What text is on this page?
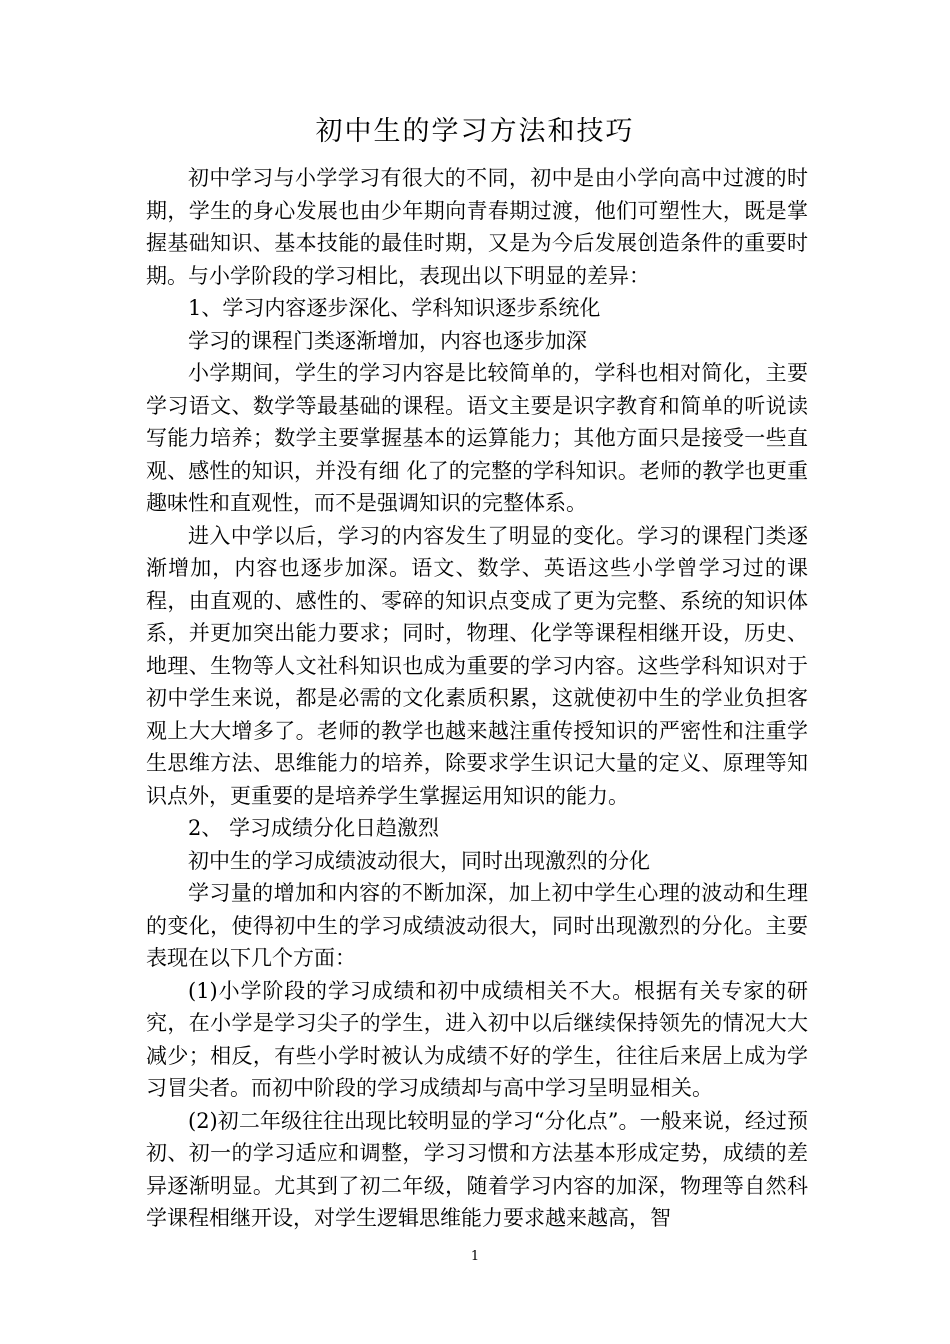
初中生的学习方法和技巧

初中学习与小学学习有很大的不同，初中是由小学向高中过渡的时期，学生的身心发展也由少年期向青春期过渡，他们可塑性大，既是掌握基础知识、基本技能的最佳时期，又是为今后发展创造条件的重要时期。与小学阶段的学习相比，表现出以下明显的差异：

1、学习内容逐步深化、学科知识逐步系统化

学习的课程门类逐渐增加，内容也逐步加深

小学期间，学生的学习内容是比较简单的，学科也相对简化，主要学习语文、数学等最基础的课程。语文主要是识字教育和简单的听说读写能力培养；数学主要掌握基本的运算能力；其他方面只是接受一些直观、感性的知识，并没有细 化了的完整的学科知识。老师的教学也更重趣味性和直观性，而不是强调知识的完整体系。

进入中学以后，学习的内容发生了明显的变化。学习的课程门类逐渐增加，内容也逐步加深。语文、数学、英语这些小学曾学习过的课程，由直观的、感性的、零碎的知识点变成了更为完整、系统的知识体系，并更加突出能力要求；同时，物理、化学等课程相继开设，历史、地理、生物等人文社科知识也成为重要的学习内容。这些学科知识对于初中学生来说，都是必需的文化素质积累，这就使初中生的学业负担客观上大大增多了。老师的教学也越来越注重传授知识的严密性和注重学生思维方法、思维能力的培养，除要求学生识记大量的定义、原理等知识点外，更重要的是培养学生掌握运用知识的能力。

2、 学习成绩分化日趋激烈

初中生的学习成绩波动很大，同时出现激烈的分化

学习量的增加和内容的不断加深，加上初中学生心理的波动和生理的变化，使得初中生的学习成绩波动很大，同时出现激烈的分化。主要表现在以下几个方面：

(1)小学阶段的学习成绩和初中成绩相关不大。根据有关专家的研究，在小学是学习尖子的学生，进入初中以后继续保持领先的情况大大减少；相反，有些小学时被认为成绩不好的学生，往往后来居上成为学习冒尖者。而初中阶段的学习成绩却与高中学习呈明显相关。

(2)初二年级往往出现比较明显的学习“分化点”。一般来说，经过预初、初一的学习适应和调整，学习习惯和方法基本形成定势，成绩的差异逐渐明显。尤其到了初二年级，随着学习内容的加深，物理等自然科学课程相继开设，对学生逻辑思维能力要求越来越高，智

1
